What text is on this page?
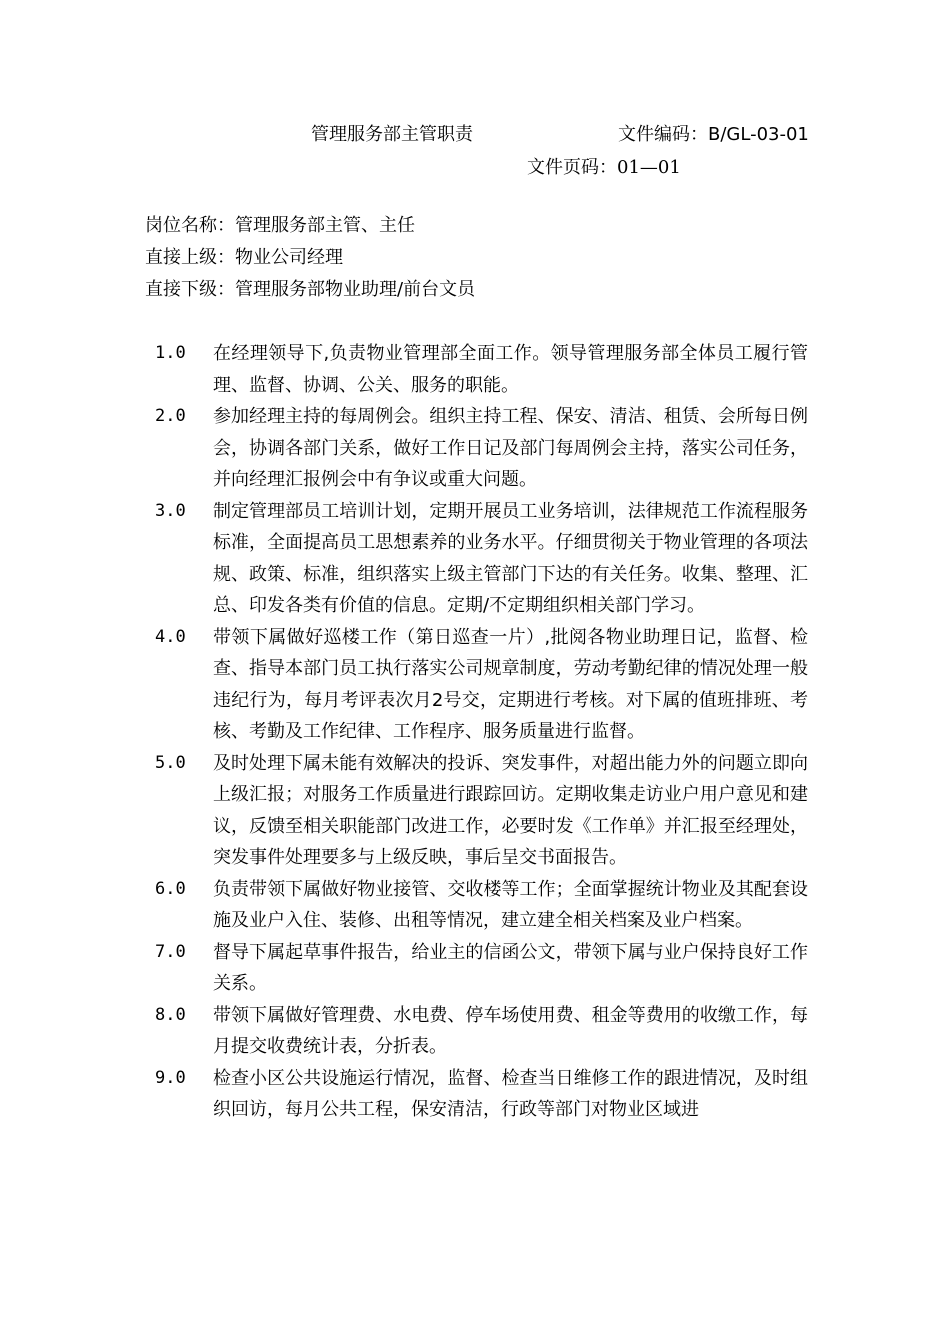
管理服务部主管职责	文件编码：B/GL-03-01
文件页码：01—01
岗位名称：管理服务部主管、主任
直接上级：物业公司经理
直接下级：管理服务部物业助理/前台文员
1.0 在经理领导下,负责物业管理部全面工作。领导管理服务部全体员工履行管理、监督、协调、公关、服务的职能。
2.0 参加经理主持的每周例会。组织主持工程、保安、清洁、租赁、会所每日例会，协调各部门关系，做好工作日记及部门每周例会主持，落实公司任务，并向经理汇报例会中有争议或重大问题。
3.0 制定管理部员工培训计划，定期开展员工业务培训，法律规范工作流程服务标准，全面提高员工思想素养的业务水平。仔细贯彻关于物业管理的各项法规、政策、标准，组织落实上级主管部门下达的有关任务。收集、整理、汇总、印发各类有价值的信息。定期/不定期组织相关部门学习。
4.0 带领下属做好巡楼工作（第日巡查一片）,批阅各物业助理日记，监督、检查、指导本部门员工执行落实公司规章制度，劳动考勤纪律的情况处理一般违纪行为，每月考评表次月2号交，定期进行考核。对下属的值班排班、考核、考勤及工作纪律、工作程序、服务质量进行监督。
5.0 及时处理下属未能有效解决的投诉、突发事件，对超出能力外的问题立即向上级汇报；对服务工作质量进行跟踪回访。定期收集走访业户用户意见和建议，反馈至相关职能部门改进工作，必要时发《工作单》并汇报至经理处，突发事件处理要多与上级反映，事后呈交书面报告。
6.0 负责带领下属做好物业接管、交收楼等工作；全面掌握统计物业及其配套设施及业户入住、装修、出租等情况，建立建全相关档案及业户档案。
7.0 督导下属起草事件报告，给业主的信函公文，带领下属与业户保持良好工作关系。
8.0 带领下属做好管理费、水电费、停车场使用费、租金等费用的收缴工作，每月提交收费统计表，分折表。
9.0 检查小区公共设施运行情况，监督、检查当日维修工作的跟进情况，及时组织回访，每月公共工程，保安清洁，行政等部门对物业区域进
